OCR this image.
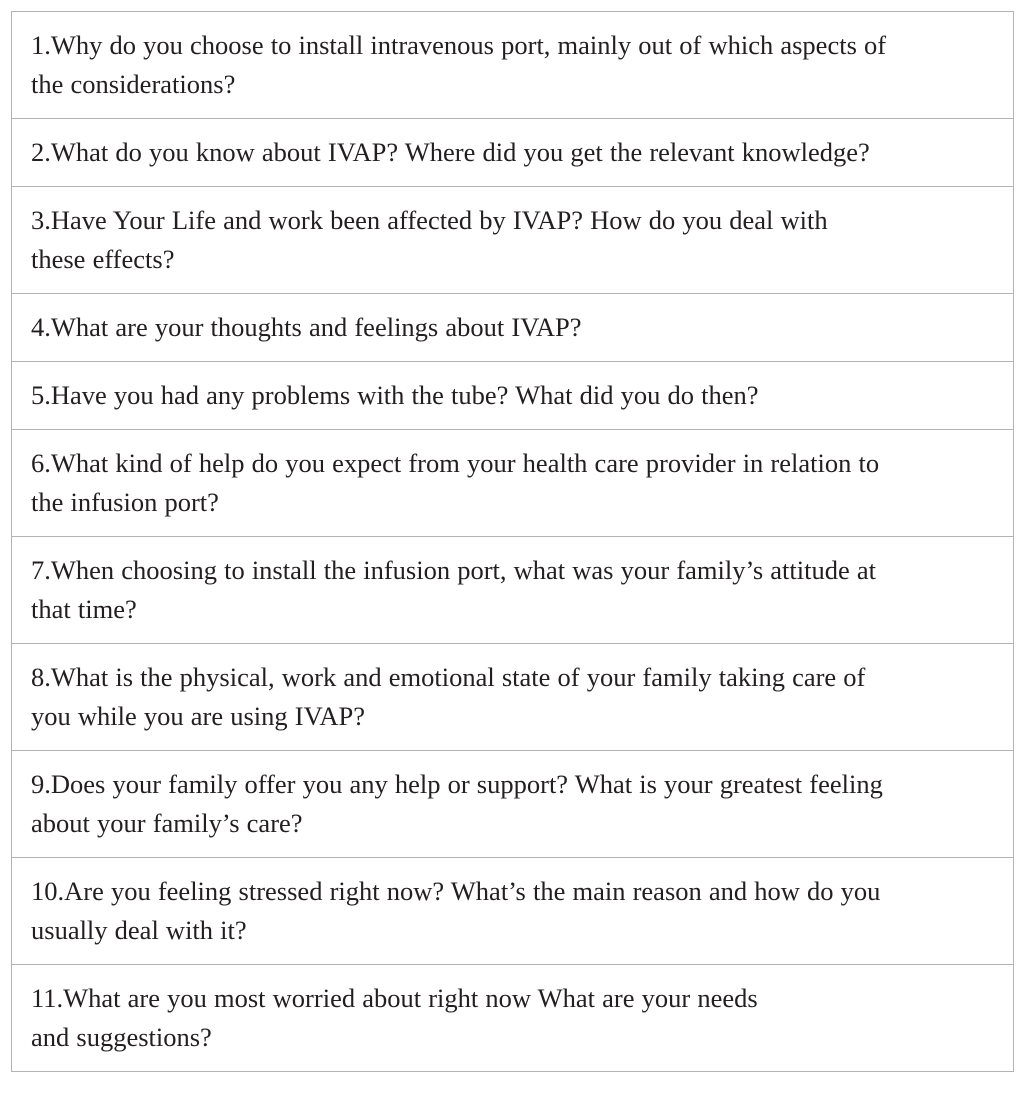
1.Why do you choose to install intravenous port, mainly out of which aspects of
the considerations?

2.What do you know about IVAP? Where did you get the relevant knowledge?

3.Have Your Life and work been affected by IVAP? How do you deal with
these effects?

4.What are your thoughts and feelings about IVAP?

5.Have you had any problems with the tube? What did you do then?

6.What kind of help do you expect from your health care provider in relation to
the infusion port?

7.When choosing to install the infusion port, what was your family’s attitude at
that time?

8.What is the physical, work and emotional state of your family taking care of
you while you are using IVAP?

9.Does your family offer you any help or support? What is your greatest feeling
about your family’s care?

10.Are you feeling stressed right now? What’s the main reason and how do you
usually deal with it?

11.What are you most worried about right now What are your needs
and suggestions?
